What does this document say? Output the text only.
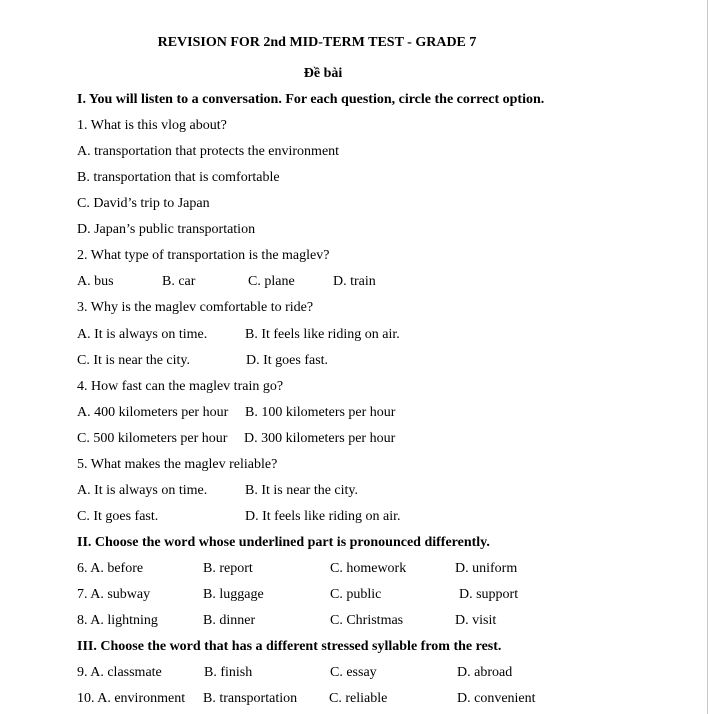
REVISION FOR 2nd MID-TERM TEST - GRADE 7
Đề bài
I. You will listen to a conversation. For each question, circle the correct option.
1. What is this vlog about?
A. transportation that protects the environment
B. transportation that is comfortable
C. David’s trip to Japan
D. Japan’s public transportation
2. What type of transportation is the maglev?
A. bus	B. car	C. plane	D. train
3. Why is the maglev comfortable to ride?
A. It is always on time.	B. It feels like riding on air.
C. It is near the city.	D. It goes fast.
4. How fast can the maglev train go?
A. 400 kilometers per hour B. 100 kilometers per hour
C. 500 kilometers per hour D. 300 kilometers per hour
5. What makes the maglev reliable?
A. It is always on time.	B. It is near the city.
C. It goes fast.	D. It feels like riding on air.
II. Choose the word whose underlined part is pronounced differently.
6. A. before	B. report	C. homework	D. uniform
7. A. subway	B. luggage	C. public	D. support
8. A. lightning	B. dinner	C. Christmas	D. visit
III. Choose the word that has a different stressed syllable from the rest.
9. A. classmate	B. finish	C. essay	D. abroad
10. A. environment B. transportation C. reliable	D. convenient
